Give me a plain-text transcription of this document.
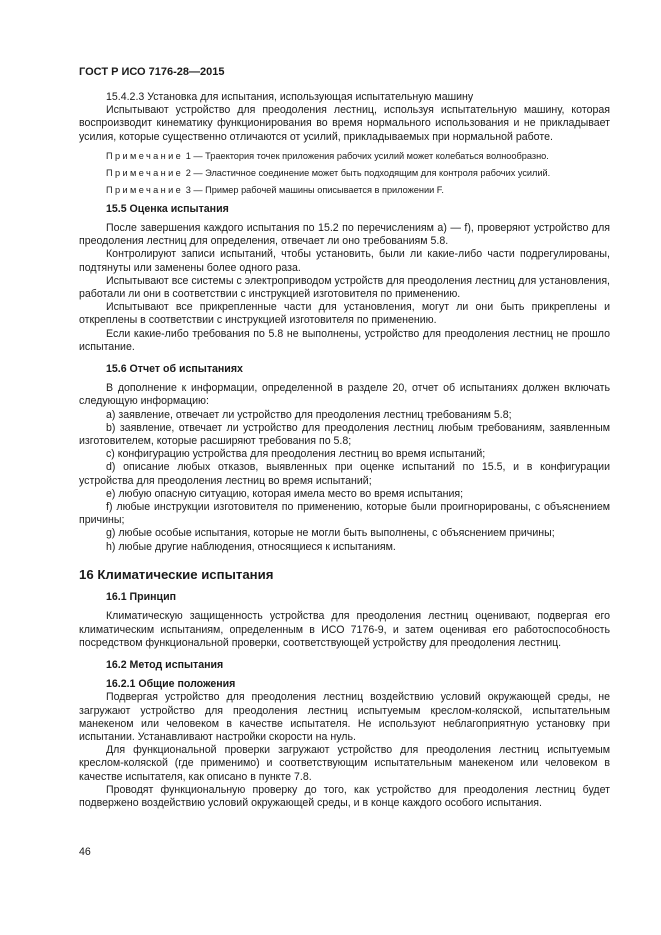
ГОСТ Р ИСО 7176-28—2015

15.4.2.3 Установка для испытания, использующая испытательную машину

Испытывают устройство для преодоления лестниц, используя испытательную машину, которая воспроизводит кинематику функционирования во время нормального использования и не прикладывает усилия, которые существенно отличаются от усилий, прикладываемых при нормальной работе.

Примечание 1 — Траектория точек приложения рабочих усилий может колебаться волнообразно.

Примечание 2 — Эластичное соединение может быть подходящим для контроля рабочих усилий.

Примечание 3 — Пример рабочей машины описывается в приложении F.

15.5 Оценка испытания

После завершения каждого испытания по 15.2 по перечислениям а) — f), проверяют устройство для преодоления лестниц для определения, отвечает ли оно требованиям 5.8.

Контролируют записи испытаний, чтобы установить, были ли какие-либо части подрегулированы, подтянуты или заменены более одного раза.

Испытывают все системы с электроприводом устройств для преодоления лестниц для установления, работали ли они в соответствии с инструкцией изготовителя по применению.

Испытывают все прикрепленные части для установления, могут ли они быть прикреплены и откреплены в соответствии с инструкцией изготовителя по применению.

Если какие-либо требования по 5.8 не выполнены, устройство для преодоления лестниц не прошло испытание.

15.6 Отчет об испытаниях

В дополнение к информации, определенной в разделе 20, отчет об испытаниях должен включать следующую информацию:

а) заявление, отвечает ли устройство для преодоления лестниц требованиям 5.8;

b) заявление, отвечает ли устройство для преодоления лестниц любым требованиям, заявленным изготовителем, которые расширяют требования по 5.8;

с) конфигурацию устройства для преодоления лестниц во время испытаний;

d) описание любых отказов, выявленных при оценке испытаний по 15.5, и в конфигурации устройства для преодоления лестниц во время испытаний;

е) любую опасную ситуацию, которая имела место во время испытания;

f) любые инструкции изготовителя по применению, которые были проигнорированы, с объяснением причины;

g) любые особые испытания, которые не могли быть выполнены, с объяснением причины;

h) любые другие наблюдения, относящиеся к испытаниям.

16 Климатические испытания

16.1 Принцип

Климатическую защищенность устройства для преодоления лестниц оценивают, подвергая его климатическим испытаниям, определенным в ИСО 7176-9, и затем оценивая его работоспособность посредством функциональной проверки, соответствующей устройству для преодоления лестниц.

16.2 Метод испытания

16.2.1 Общие положения

Подвергая устройство для преодоления лестниц воздействию условий окружающей среды, не загружают устройство для преодоления лестниц испытуемым креслом-коляской, испытательным манекеном или человеком в качестве испытателя. Не используют неблагоприятную установку при испытании. Устанавливают настройки скорости на нуль.

Для функциональной проверки загружают устройство для преодоления лестниц испытуемым креслом-коляской (где применимо) и соответствующим испытательным манекеном или человеком в качестве испытателя, как описано в пункте 7.8.

Проводят функциональную проверку до того, как устройство для преодоления лестниц будет подвержено воздействию условий окружающей среды, и в конце каждого особого испытания.

46
